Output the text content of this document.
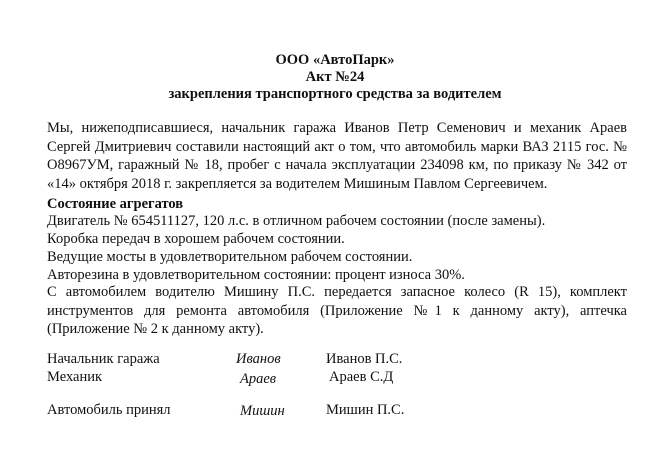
ООО «АвтоПарк»
Акт №24
закрепления транспортного средства за водителем

Мы, нижеподписавшиеся, начальник гаража Иванов Петр Семенович и механик Араев Сергей Дмитриевич составили настоящий акт о том, что автомобиль марки ВАЗ 2115 гос. № О8967УМ, гаражный № 18, пробег с начала эксплуатации 234098 км, по приказу № 342 от «14» октября 2018 г. закрепляется за водителем Мишиным Павлом Сергеевичем.

Состояние агрегатов
Двигатель № 654511127, 120 л.с. в отличном рабочем состоянии (после замены).
Коробка передач в хорошем рабочем состоянии.
Ведущие мосты в удовлетворительном рабочем состоянии.
Авторезина в удовлетворительном состоянии: процент износа 30%.

С автомобилем водителю Мишину П.С. передается запасное колесо (R 15), комплект инструментов для ремонта автомобиля (Приложение №1 к данному акту), аптечка (Приложение № 2 к данному акту).

Начальник гаража	Иванов	Иванов П.С.
Механик	Араев	Араев С.Д
Автомобиль принял	Мишин	Мишин П.С.
